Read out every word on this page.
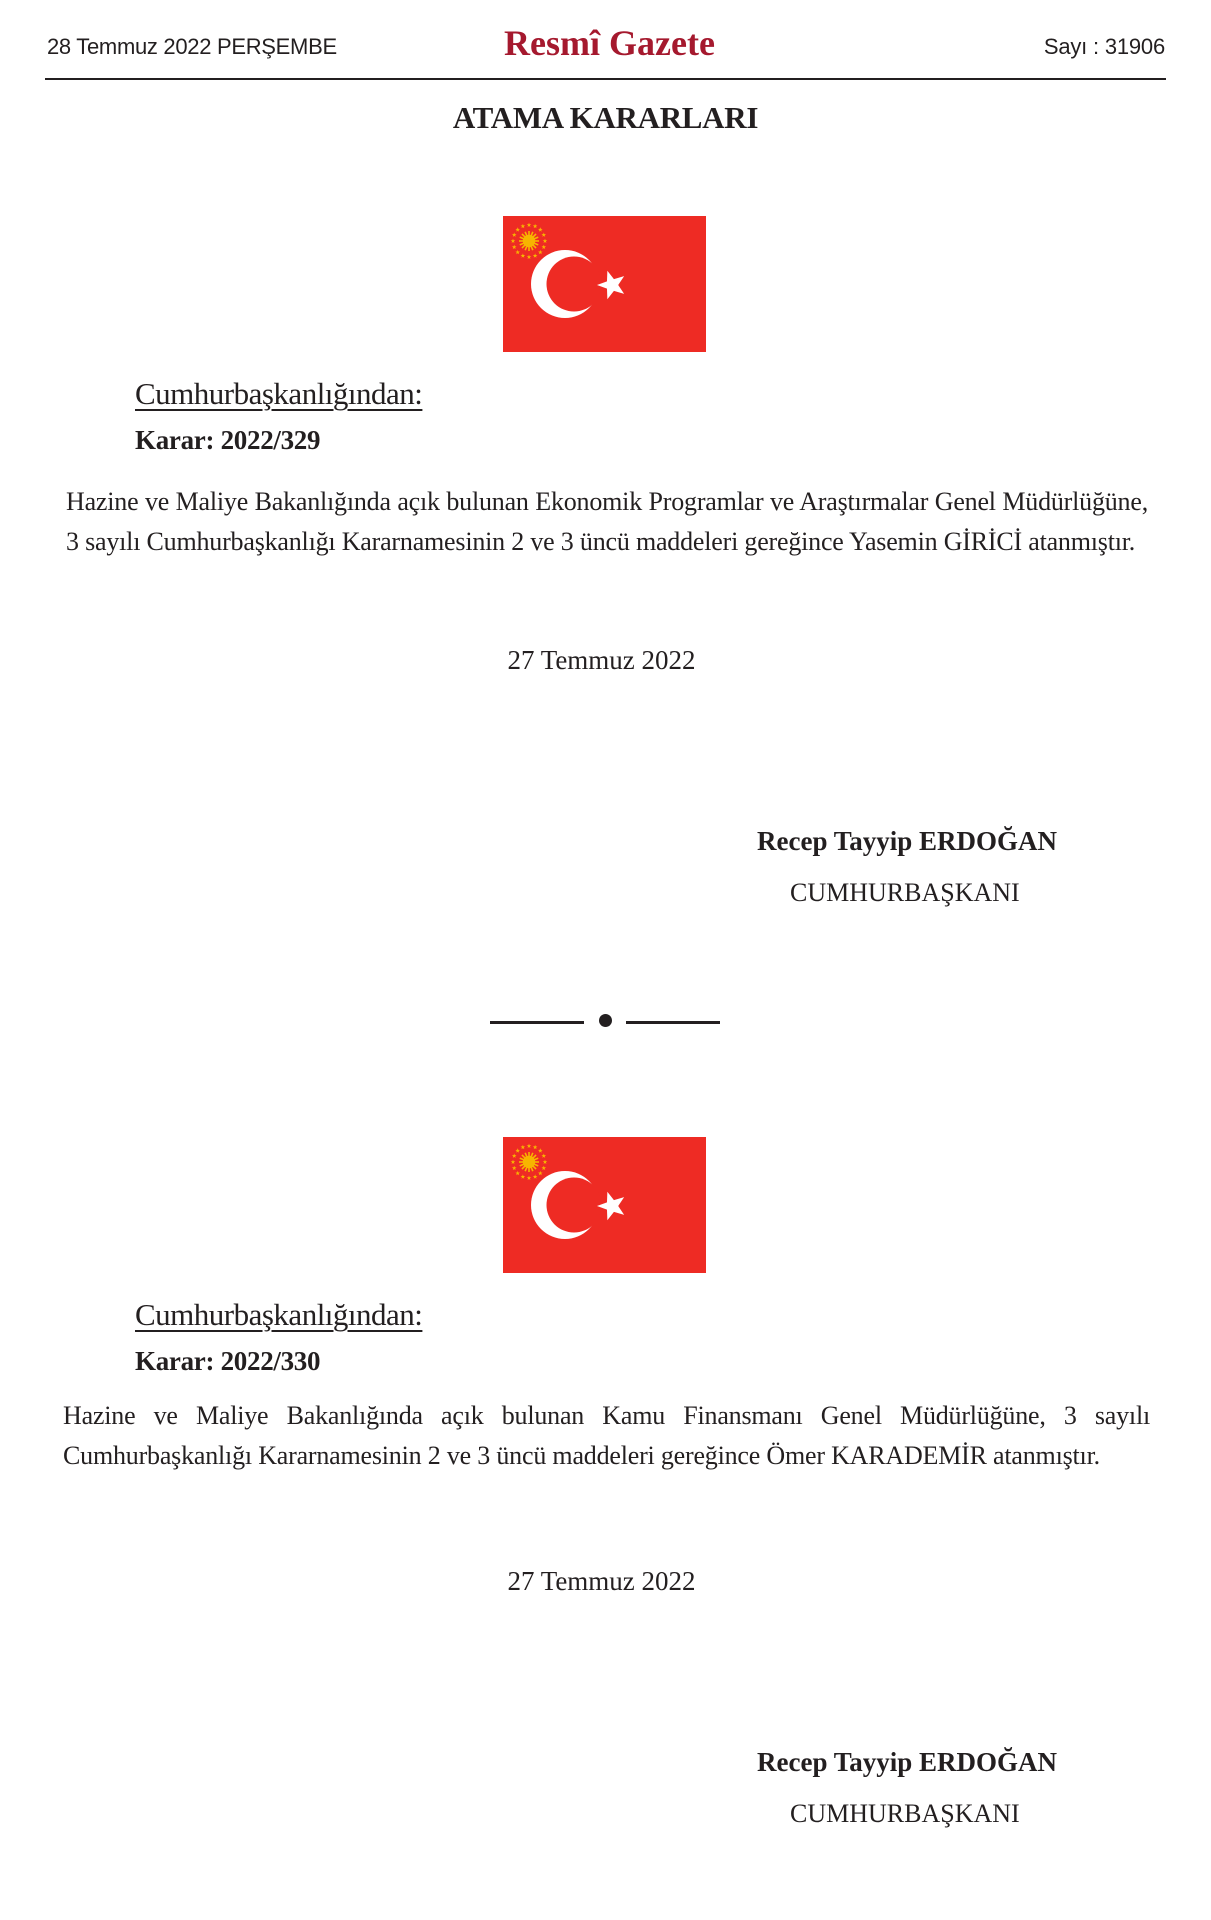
28 Temmuz 2022 PERŞEMBE	Resmî Gazete	Sayı : 31906
ATAMA KARARLARI
Cumhurbaşkanlığından:
Karar: 2022/329

Hazine ve Maliye Bakanlığında açık bulunan Ekonomik Programlar ve Araştırmalar Genel Müdürlüğüne, 3 sayılı Cumhurbaşkanlığı Kararnamesinin 2 ve 3 üncü maddeleri gereğince Yasemin GİRİCİ atanmıştır.

27 Temmuz 2022
Recep Tayyip ERDOĞAN
CUMHURBAŞKANI
Cumhurbaşkanlığından:
Karar: 2022/330

Hazine ve Maliye Bakanlığında açık bulunan Kamu Finansmanı Genel Müdürlüğüne, 3 sayılı Cumhurbaşkanlığı Kararnamesinin 2 ve 3 üncü maddeleri gereğince Ömer KARADEMİR atanmıştır.

27 Temmuz 2022
Recep Tayyip ERDOĞAN
CUMHURBAŞKANI
